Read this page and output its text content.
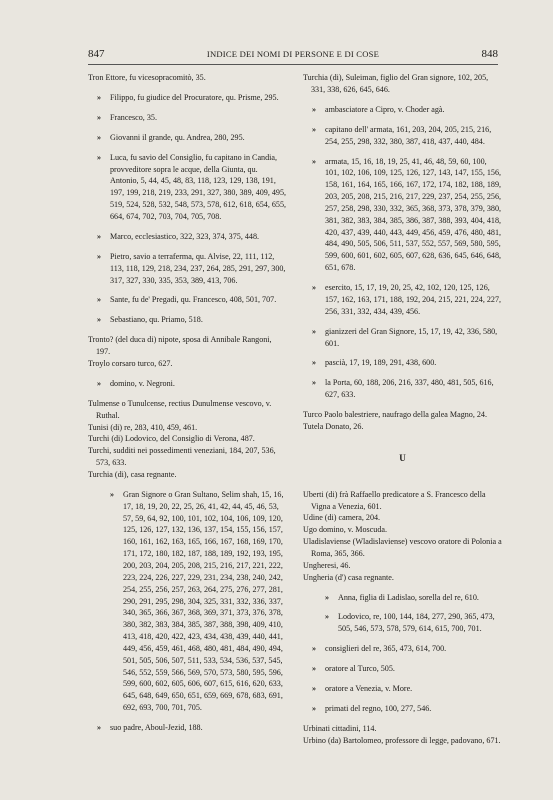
847	INDICE DEI NOMI DI PERSONE E DI COSE	848

Tron Ettore, fu vicesopracomitò, 35.

» Filippo, fu giudice del Procuratore, qu. Prisme, 295.

» Francesco, 35.

» Giovanni il grande, qu. Andrea, 280, 295.

» Luca, fu savio del Consiglio, fu capitano in Candia, provveditore sopra le acque, della Giunta, qu. Antonio, 5, 44, 45, 48, 83, 118, 123, 129, 138, 191, 197, 199, 218, 219, 233, 291, 327, 380, 389, 409, 495, 519, 524, 528, 532, 548, 573, 578, 612, 618, 654, 655, 664, 674, 702, 703, 704, 705, 708.

» Marco, ecclesiastico, 322, 323, 374, 375, 448.

» Pietro, savio a terraferma, qu. Alvise, 22, 111, 112, 113, 118, 129, 218, 234, 237, 264, 285, 291, 297, 300, 317, 327, 330, 335, 353, 389, 413, 706.

» Sante, fu de' Pregadi, qu. Francesco, 408, 501, 707.

» Sebastiano, qu. Priamo, 518.

Tronto? (del duca di) nipote, sposa di Annibale Rangoni, 197.

Troylo corsaro turco, 627.

» domino, v. Negroni.

Tulmense o Tunulcense, rectius Dunulmense vescovo, v. Ruthal.

Tunisi (di) re, 283, 410, 459, 461.

Turchi (di) Lodovico, del Consiglio di Verona, 487.

Turchi, sudditi nei possedimenti veneziani, 184, 207, 536, 573, 633.

Turchia (di), casa regnante.

» Gran Signore o Gran Sultano, Selim shah, 15, 16, 17, 18, 19, 20, 22, 25, 26, 41, 42, 44, 45, 46, 53, 57, 59, 64, 92, 100, 101, 102, 104, 106, 109, 120, 125, 126, 127, 132, 136, 137, 154, 155, 156, 157, 160, 161, 162, 163, 165, 166, 167, 168, 169, 170, 171, 172, 180, 182, 187, 188, 189, 192, 193, 195, 200, 203, 204, 205, 208, 215, 216, 217, 221, 222, 223, 224, 226, 227, 229, 231, 234, 238, 240, 242, 254, 255, 256, 257, 263, 264, 275, 276, 277, 281, 290, 291, 295, 298, 304, 325, 331, 332, 336, 337, 340, 365, 366, 367, 368, 369, 371, 373, 376, 378, 380, 382, 383, 384, 385, 387, 388, 398, 409, 410, 413, 418, 420, 422, 423, 434, 438, 439, 440, 441, 449, 456, 459, 461, 468, 480, 481, 484, 490, 494, 501, 505, 506, 507, 511, 533, 534, 536, 537, 545, 546, 552, 559, 566, 569, 570, 573, 580, 595, 596, 599, 600, 602, 605, 606, 607, 615, 616, 620, 633, 645, 648, 649, 650, 651, 659, 669, 678, 683, 691, 692, 693, 700, 701, 705.

» suo padre, Aboul-Jezid, 188.

Turchia (di), Suleiman, figlio del Gran signore, 102, 205, 331, 338, 626, 645, 646.

» ambasciatore a Cipro, v. Choder agà.

» capitano dell' armata, 161, 203, 204, 205, 215, 216, 254, 255, 298, 332, 380, 387, 418, 437, 440, 484.

» armata, 15, 16, 18, 19, 25, 41, 46, 48, 59, 60, 100, 101, 102, 106, 109, 125, 126, 127, 143, 147, 155, 156, 158, 161, 164, 165, 166, 167, 172, 174, 182, 188, 189, 203, 205, 208, 215, 216, 217, 229, 237, 254, 255, 256, 257, 258, 298, 330, 332, 365, 368, 373, 378, 379, 380, 381, 382, 383, 384, 385, 386, 387, 388, 393, 404, 418, 420, 437, 439, 440, 443, 449, 456, 459, 476, 480, 481, 484, 490, 505, 506, 511, 537, 552, 557, 569, 580, 595, 599, 600, 601, 602, 605, 607, 628, 636, 645, 646, 648, 651, 678.

» esercito, 15, 17, 19, 20, 25, 42, 102, 120, 125, 126, 157, 162, 163, 171, 188, 192, 204, 215, 221, 224, 227, 256, 331, 332, 434, 439, 456.

» gianizzeri del Gran Signore, 15, 17, 19, 42, 336, 580, 601.

» pascià, 17, 19, 189, 291, 438, 600.

» la Porta, 60, 188, 206, 216, 337, 480, 481, 505, 616, 627, 633.

Turco Paolo balestriere, naufrago della galea Magno, 24.

Tutela Donato, 26.

U

Uberti (di) frà Raffaello predicatore a S. Francesco della Vigna a Venezia, 601.

Udine (di) camera, 204.

Ugo domino, v. Moscuda.

Uladislaviense (Wladislaviense) vescovo oratore di Polonia a Roma, 365, 366.

Ungheresi, 46.

Ungheria (d') casa regnante.

» Anna, figlia di Ladislao, sorella del re, 610.

» Lodovico, re, 100, 144, 184, 277, 290, 365, 473, 505, 546, 573, 578, 579, 614, 615, 700, 701.

» consiglieri del re, 365, 473, 614, 700.

» oratore al Turco, 505.

» oratore a Venezia, v. More.

» primati del regno, 100, 277, 546.

Urbinati cittadini, 114.

Urbino (da) Bartolomeo, professore di legge, padovano, 671.
